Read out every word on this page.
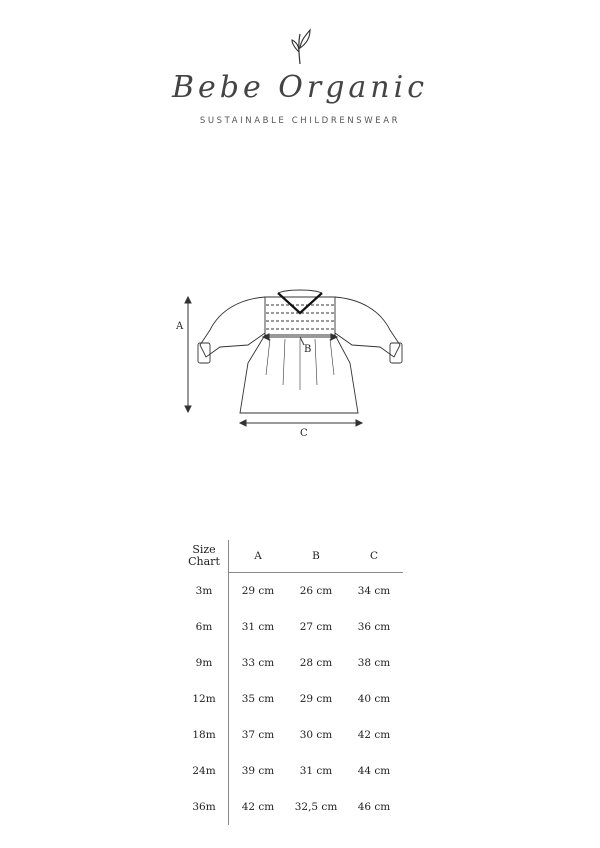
Bebe Organic
SUSTAINABLE CHILDRENSWEAR
A
B
C
Size
Chart	A	B	C
3m	29 cm	26 cm	34 cm
6m	31 cm	27 cm	36 cm
9m	33 cm	28 cm	38 cm
12m	35 cm	29 cm	40 cm
18m	37 cm	30 cm	42 cm
24m	39 cm	31 cm	44 cm
36m	42 cm	32,5 cm	46 cm
